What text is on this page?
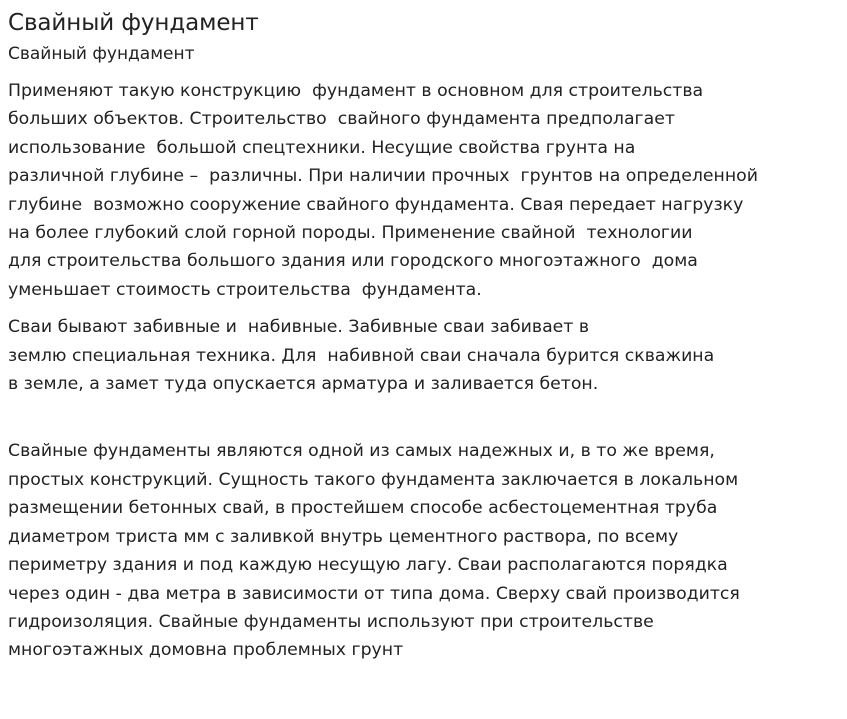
Свайный фундамент
Свайный фундамент

Применяют такую конструкцию  фундамент в основном для строительства
больших объектов. Строительство  свайного фундамента предполагает
использование  большой спецтехники. Несущие свойства грунта на
различной глубине –  различны. При наличии прочных  грунтов на определенной
глубине  возможно сооружение свайного фундамента. Свая передает нагрузку
на более глубокий слой горной породы. Применение свайной  технологии
для строительства большого здания или городского многоэтажного  дома
уменьшает стоимость строительства  фундамента.

Сваи бывают забивные и  набивные. Забивные сваи забивает в
землю специальная техника. Для  набивной сваи сначала бурится скважина
в земле, а замет туда опускается арматура и заливается бетон.

Свайные фундаменты являются одной из самых надежных и, в то же время,
простых конструкций. Сущность такого фундамента заключается в локальном
размещении бетонных свай, в простейшем способе асбестоцементная труба
диаметром триста мм с заливкой внутрь цементного раствора, по всему
периметру здания и под каждую несущую лагу. Сваи располагаются порядка
через один - два метра в зависимости от типа дома. Сверху свай производится
гидроизоляция. Свайные фундаменты используют при строительстве
многоэтажных домовна проблемных грунт
